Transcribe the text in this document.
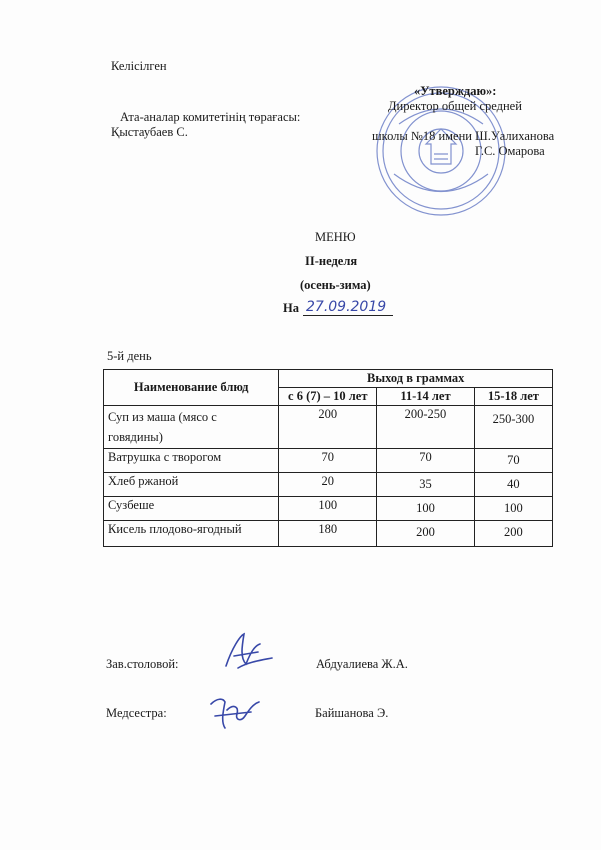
Келісілген
Ата-аналар комитетінің төрағасы:
Қыстаубаев С.
«Утверждаю»:
Директор общей средней
школы №18 имени Ш.Уалиханова
Г.С. Омарова
МЕНЮ
II-неделя
(осень-зима)
На 27.09.2019
5-й день
Наименование блюд	Выход в граммах		
	с 6 (7) – 10 лет	11-14 лет	15-18 лет
Суп из маша (мясо с говядины)	200	200-250	250-300
Ватрушка с творогом	70	70	70
Хлеб ржаной	20	35	40
Сузбеше	100	100	100
Кисель плодово-ягодный	180	200	200
Зав.столовой:	Абдуалиева Ж.А.
Медсестра:	Байшанова Э.
